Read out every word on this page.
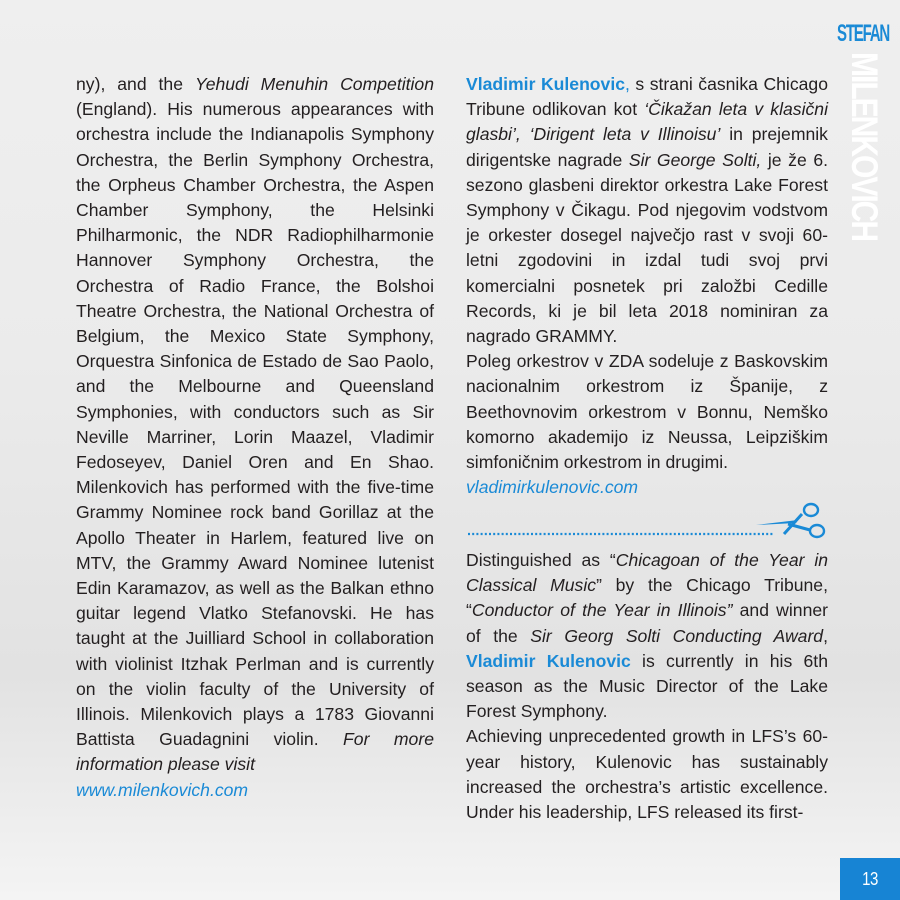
STEFAN
MILENKOVICH

ny), and the Yehudi Menuhin Competition (England). His numerous appearances with orchestra include the Indianapolis Symphony Orchestra, the Berlin Symphony Orchestra, the Orpheus Chamber Orchestra, the Aspen Chamber Symphony, the Helsinki Philharmonic, the NDR Radiophilharmonie Hannover Symphony Orchestra, the Orchestra of Radio France, the Bolshoi Theatre Orchestra, the National Orchestra of Belgium, the Mexico State Symphony, Orquestra Sinfonica de Estado de Sao Paolo, and the Melbourne and Queensland Symphonies, with conductors such as Sir Neville Marriner, Lorin Maazel, Vladimir Fedoseyev, Daniel Oren and En Shao. Milenkovich has performed with the five-time Grammy Nominee rock band Gorillaz at the Apollo Theater in Harlem, featured live on MTV, the Grammy Award Nominee lutenist Edin Karamazov, as well as the Balkan ethno guitar legend Vlatko Stefanovski. He has taught at the Juilliard School in collaboration with violinist Itzhak Perlman and is currently on the violin faculty of the University of Illinois. Milenkovich plays a 1783 Giovanni Battista Guadagnini violin. For more information please visit
www.milenkovich.com

Vladimir Kulenovic, s strani časnika Chicago Tribune odlikovan kot ‘Čikažan leta v klasični glasbi’, ‘Dirigent leta v Illinoisu’ in prejemnik dirigentske nagrade Sir George Solti, je že 6. sezono glasbeni direktor orkestra Lake Forest Symphony v Čikagu. Pod njegovim vodstvom je orkester dosegel največjo rast v svoji 60-letni zgodovini in izdal tudi svoj prvi komercialni posnetek pri založbi Cedille Records, ki je bil leta 2018 nominiran za nagrado GRAMMY.

Poleg orkestrov v ZDA sodeluje z Baskovskim nacionalnim orkestrom iz Španije, z Beethovnovim orkestrom v Bonnu, Nemško komorno akademijo iz Neussa, Leipziškim simfoničnim orkestrom in drugimi.

vladimirkulenovic.com

Distinguished as “Chicagoan of the Year in Classical Music” by the Chicago Tribune, “Conductor of the Year in Illinois” and winner of the Sir Georg Solti Conducting Award, Vladimir Kulenovic is currently in his 6th season as the Music Director of the Lake Forest Symphony.

Achieving unprecedented growth in LFS’s 60-year history, Kulenovic has sustainably increased the orchestra’s artistic excellence. Under his leadership, LFS released its first-

13
